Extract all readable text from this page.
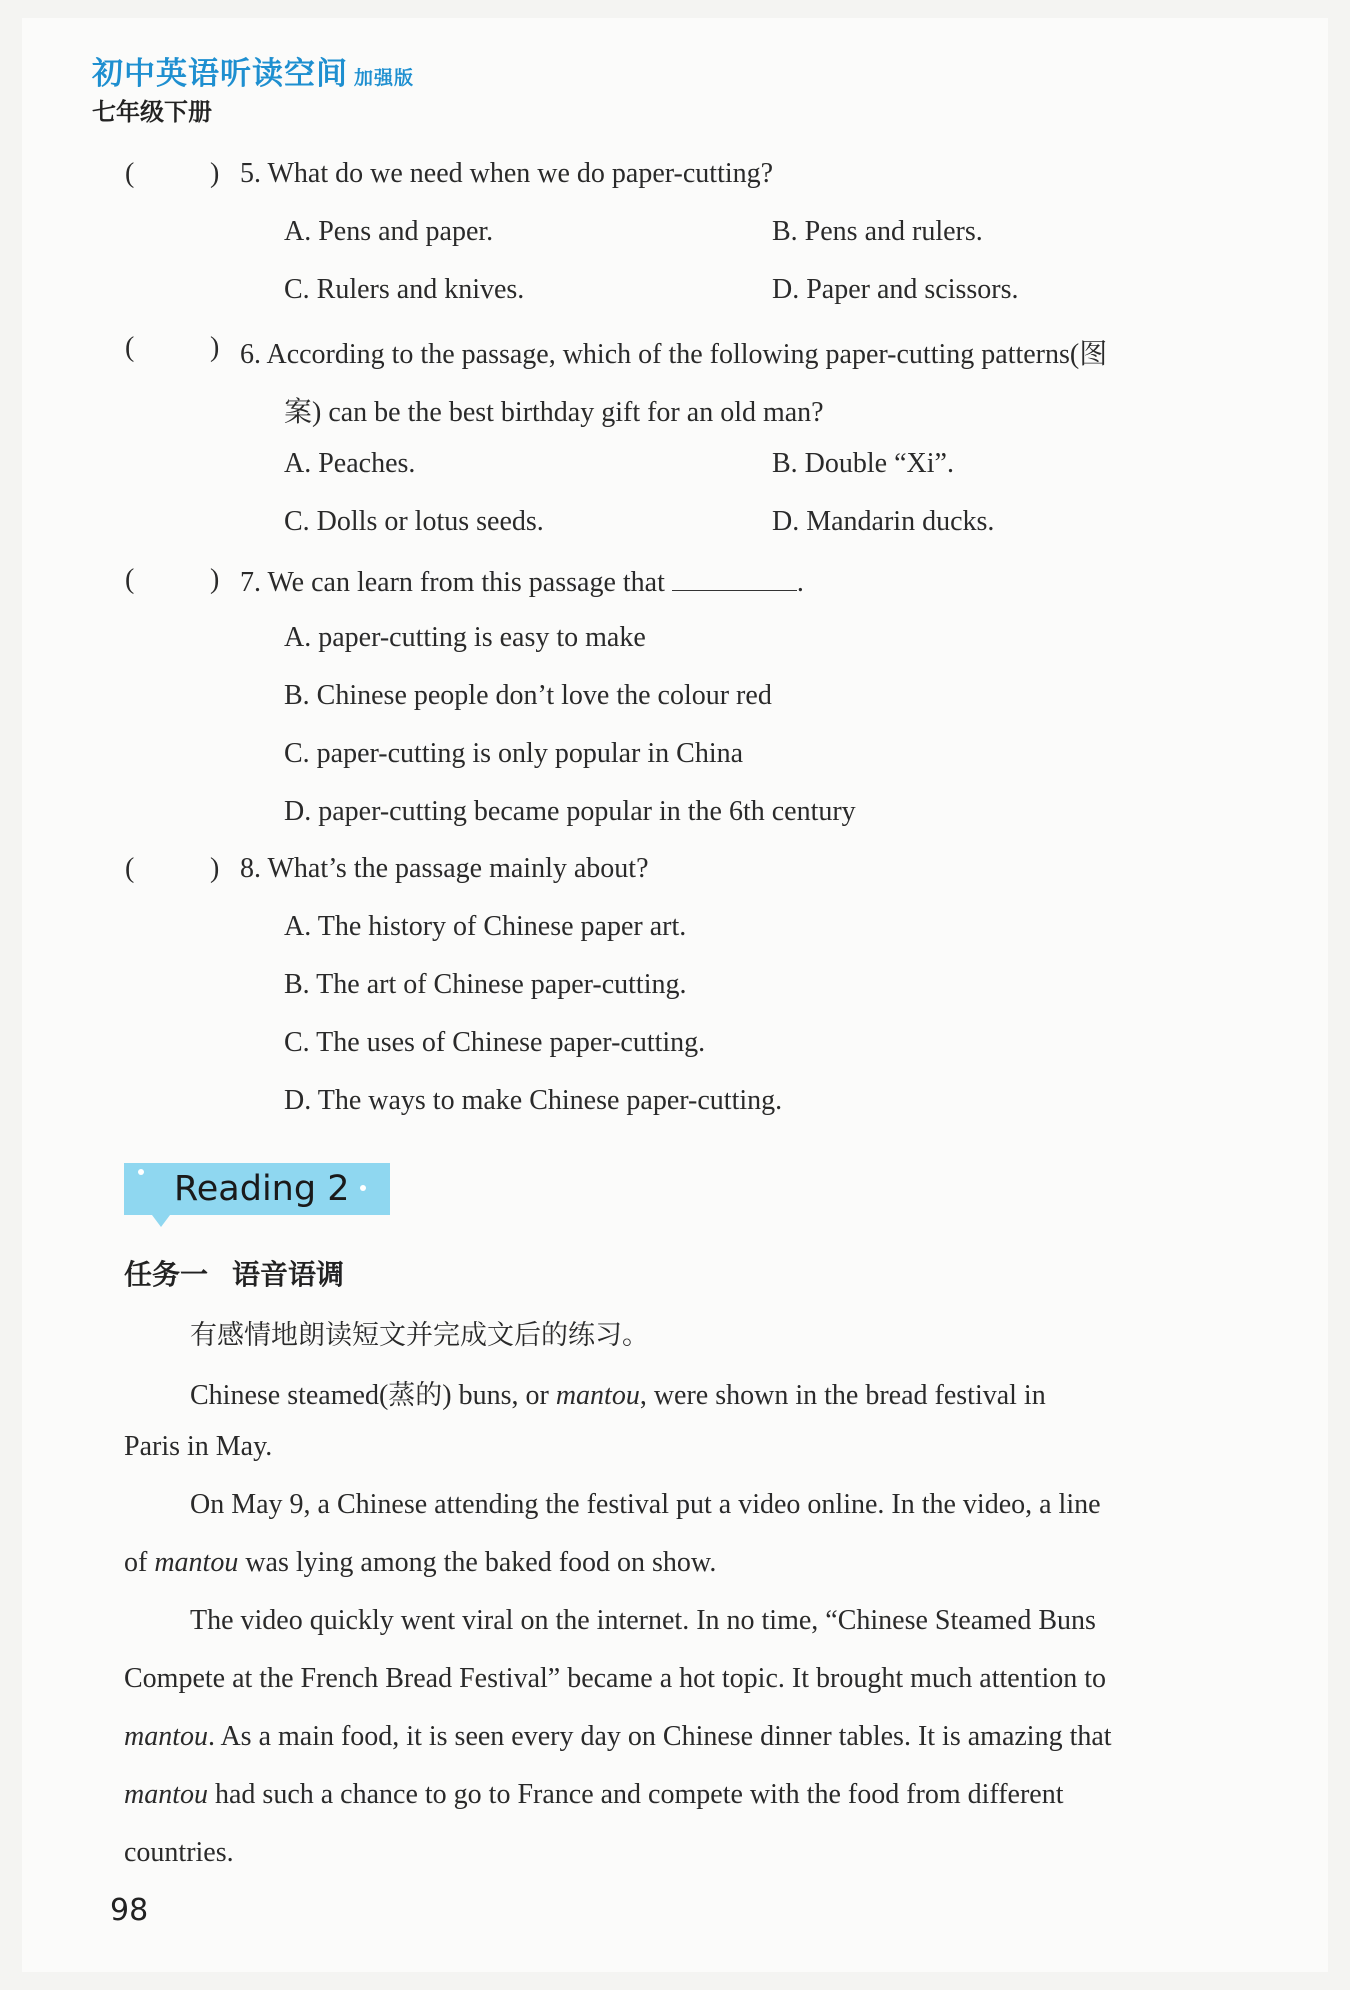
初中英语听读空间 加强版
七年级下册
(	) 5. What do we need when we do paper-cutting?
A. Pens and paper.	B. Pens and rulers.
C. Rulers and knives.	D. Paper and scissors.
(	) 6. According to the passage, which of the following paper-cutting patterns(图
案) can be the best birthday gift for an old man?
A. Peaches.	B. Double “Xi”.
C. Dolls or lotus seeds.	D. Mandarin ducks.
(	) 7. We can learn from this passage that	.
A. paper-cutting is easy to make
B. Chinese people don’t love the colour red
C. paper-cutting is only popular in China
D. paper-cutting became popular in the 6th century
(	) 8. What’s the passage mainly about?
A. The history of Chinese paper art.
B. The art of Chinese paper-cutting.
C. The uses of Chinese paper-cutting.
D. The ways to make Chinese paper-cutting.
Reading 2
任务一 语音语调
有感情地朗读短文并完成文后的练习。
Chinese steamed(蒸的) buns, or mantou, were shown in the bread festival in
Paris in May.
On May 9, a Chinese attending the festival put a video online. In the video, a line
of mantou was lying among the baked food on show.
The video quickly went viral on the internet. In no time, “Chinese Steamed Buns
Compete at the French Bread Festival” became a hot topic. It brought much attention to
mantou. As a main food, it is seen every day on Chinese dinner tables. It is amazing that
mantou had such a chance to go to France and compete with the food from different
countries.
98
